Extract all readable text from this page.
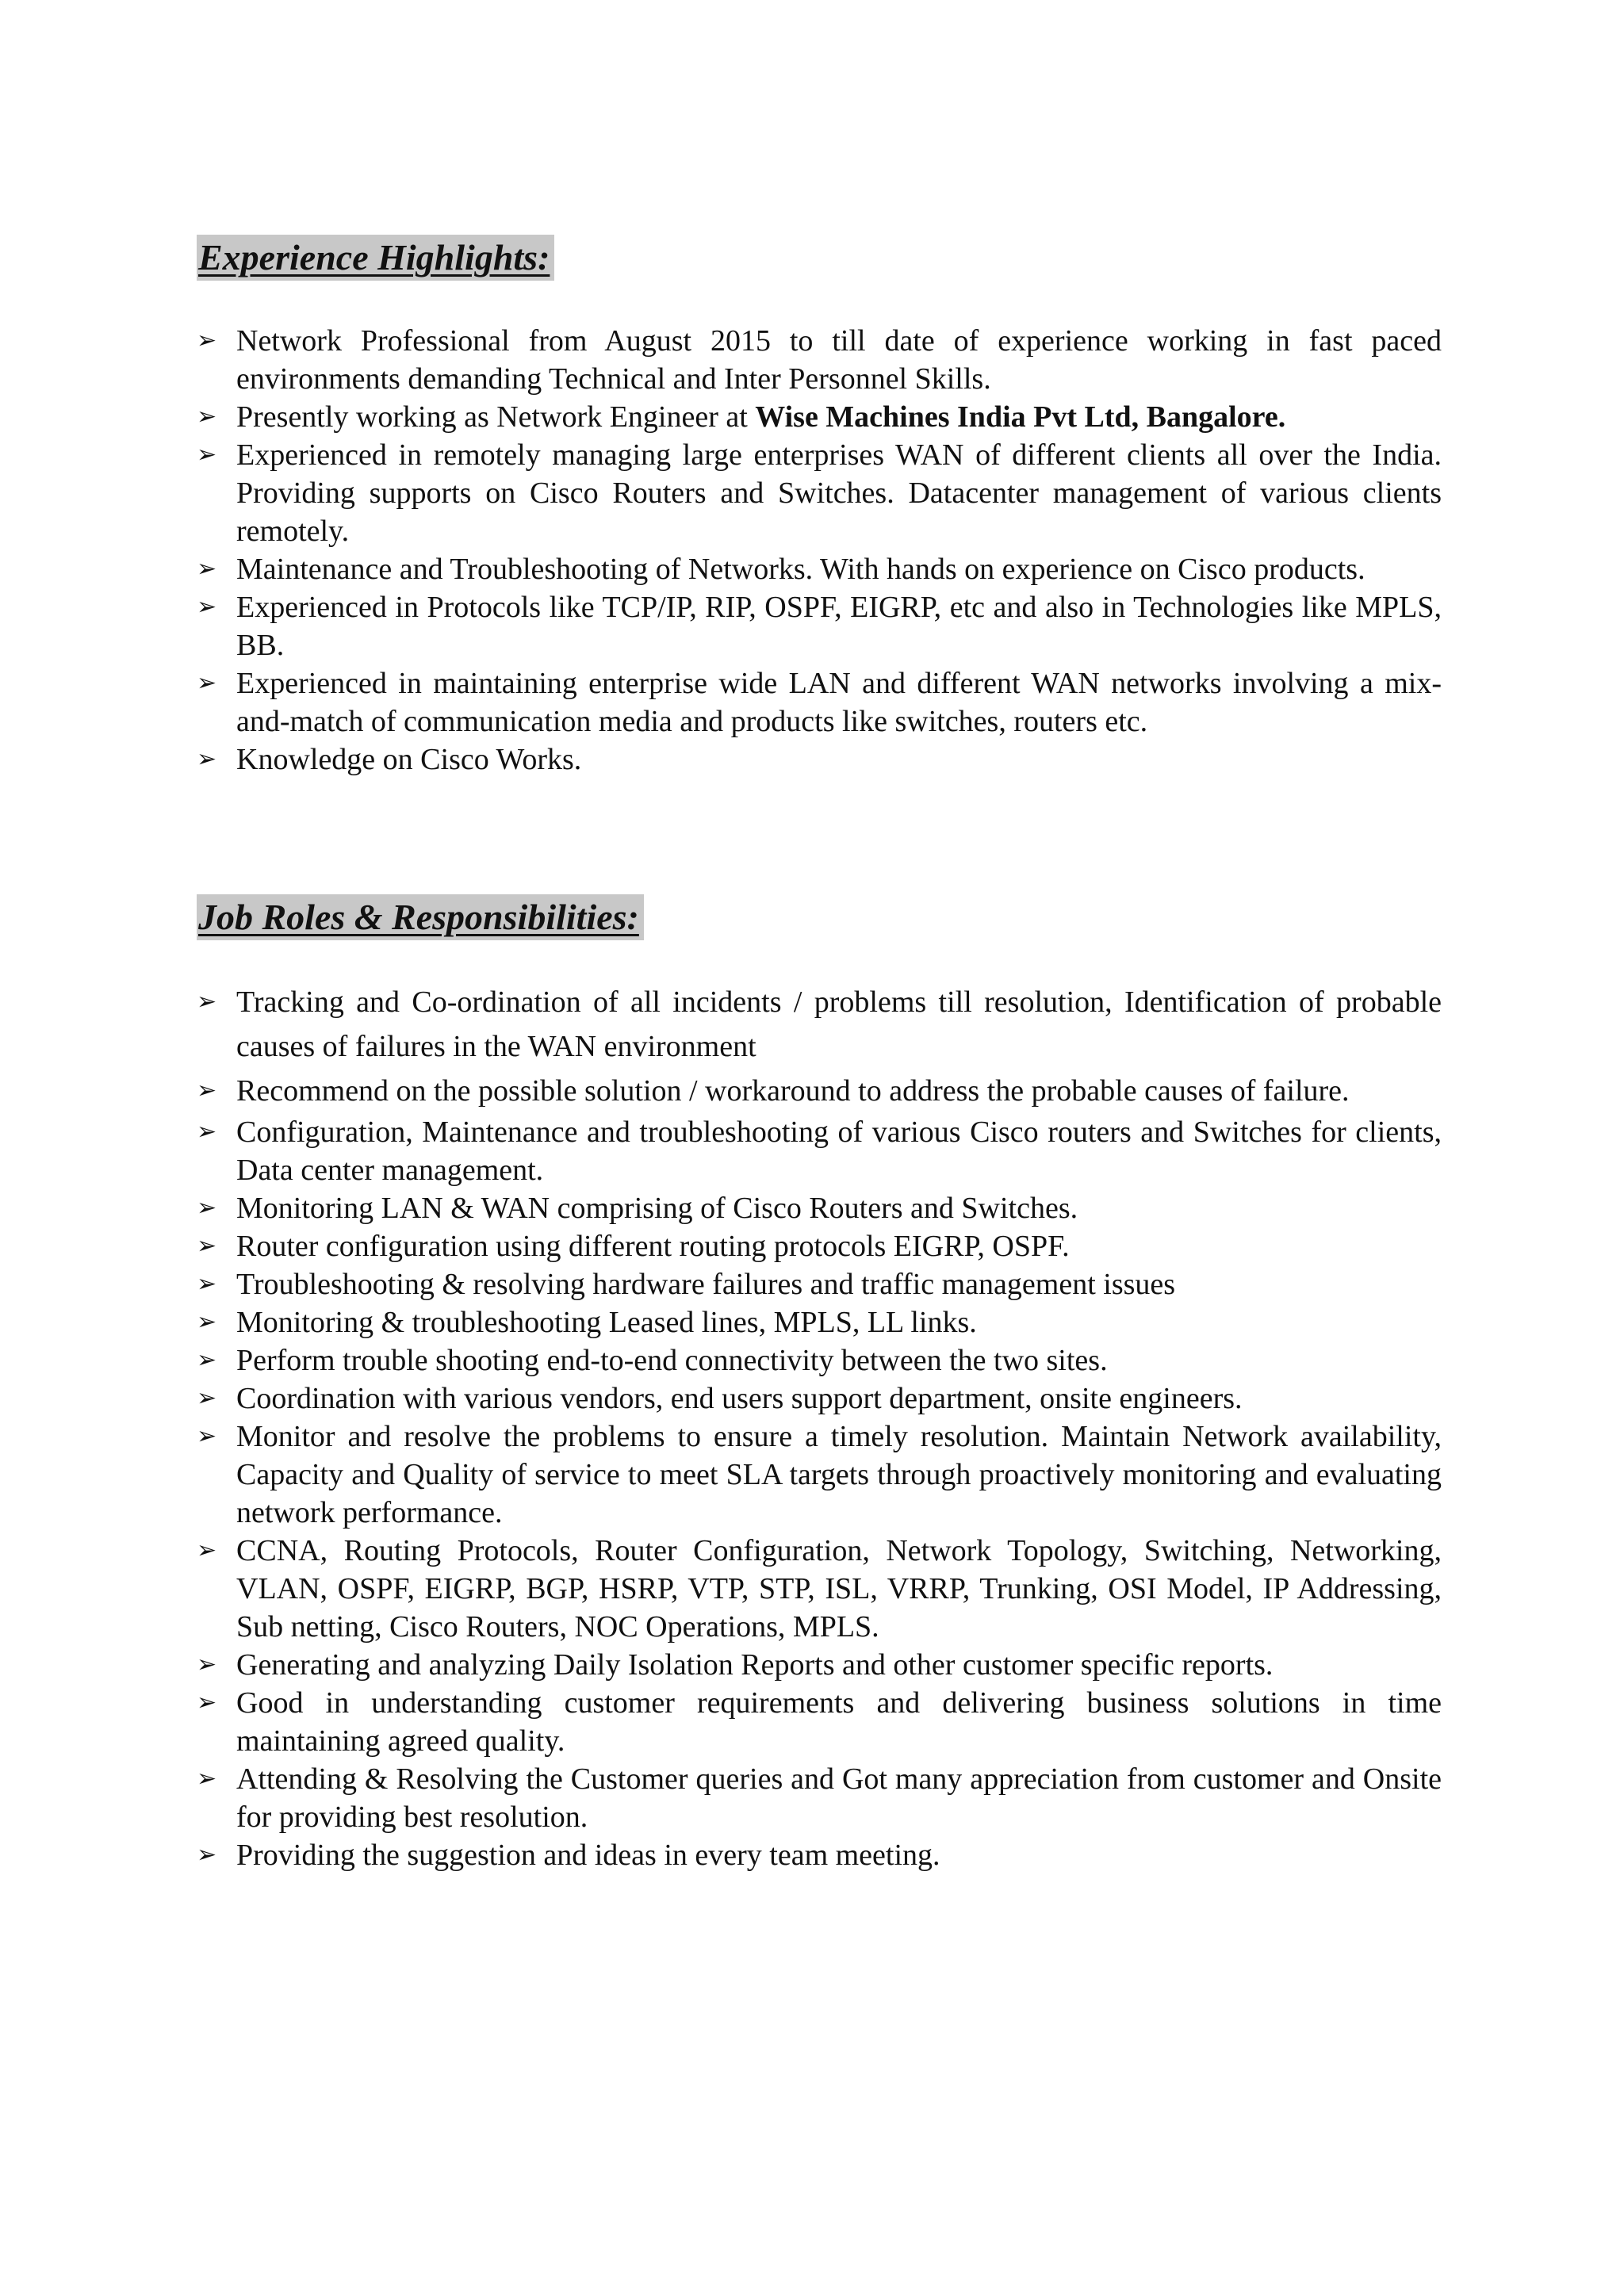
Experience Highlights:
➢ Network Professional from August 2015 to till date of experience working in fast paced environments demanding Technical and Inter Personnel Skills.
➢ Presently working as Network Engineer at Wise Machines India Pvt Ltd, Bangalore.
➢ Experienced in remotely managing large enterprises WAN of different clients all over the India. Providing supports on Cisco Routers and Switches. Datacenter management of various clients remotely.
➢ Maintenance and Troubleshooting of Networks. With hands on experience on Cisco products.
➢ Experienced in Protocols like TCP/IP, RIP, OSPF, EIGRP, etc and also in Technologies like MPLS, BB.
➢ Experienced in maintaining enterprise wide LAN and different WAN networks involving a mix-and-match of communication media and products like switches, routers etc.
➢ Knowledge on Cisco Works.
Job Roles & Responsibilities:
➢ Tracking and Co-ordination of all incidents / problems till resolution, Identification of probable causes of failures in the WAN environment
➢ Recommend on the possible solution / workaround to address the probable causes of failure.
➢ Configuration, Maintenance and troubleshooting of various Cisco routers and Switches for clients, Data center management.
➢ Monitoring LAN & WAN comprising of Cisco Routers and Switches.
➢ Router configuration using different routing protocols EIGRP, OSPF.
➢ Troubleshooting & resolving hardware failures and traffic management issues
➢ Monitoring & troubleshooting Leased lines, MPLS, LL links.
➢ Perform trouble shooting end-to-end connectivity between the two sites.
➢ Coordination with various vendors, end users support department, onsite engineers.
➢ Monitor and resolve the problems to ensure a timely resolution. Maintain Network availability, Capacity and Quality of service to meet SLA targets through proactively monitoring and evaluating network performance.
➢ CCNA, Routing Protocols, Router Configuration, Network Topology, Switching, Networking, VLAN, OSPF, EIGRP, BGP, HSRP, VTP, STP, ISL, VRRP, Trunking, OSI Model, IP Addressing, Sub netting, Cisco Routers, NOC Operations, MPLS.
➢ Generating and analyzing Daily Isolation Reports and other customer specific reports.
➢ Good in understanding customer requirements and delivering business solutions in time maintaining agreed quality.
➢ Attending & Resolving the Customer queries and Got many appreciation from customer and Onsite for providing best resolution.
➢ Providing the suggestion and ideas in every team meeting.
